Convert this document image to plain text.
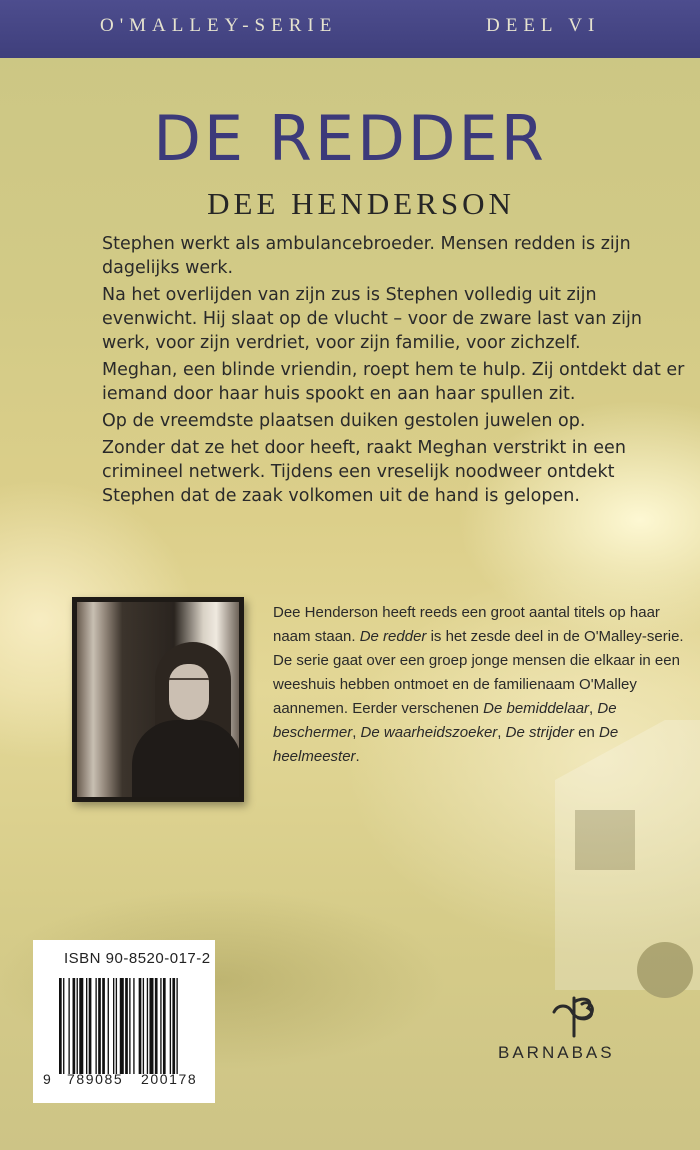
O'MALLEY-SERIE	DEEL VI
DE REDDER
DEE HENDERSON

Stephen werkt als ambulancebroeder. Mensen redden is zijn dagelijks werk.

Na het overlijden van zijn zus is Stephen volledig uit zijn evenwicht. Hij slaat op de vlucht – voor de zware last van zijn werk, voor zijn verdriet, voor zijn familie, voor zichzelf.

Meghan, een blinde vriendin, roept hem te hulp. Zij ontdekt dat er iemand door haar huis spookt en aan haar spullen zit.

Op de vreemdste plaatsen duiken gestolen juwelen op.

Zonder dat ze het door heeft, raakt Meghan verstrikt in een crimineel netwerk. Tijdens een vreselijk noodweer ontdekt Stephen dat de zaak volkomen uit de hand is gelopen.

Dee Henderson heeft reeds een groot aantal titels op haar naam staan. De redder is het zesde deel in de O'Malley-serie. De serie gaat over een groep jonge mensen die elkaar in een weeshuis hebben ontmoet en de familienaam O'Malley aannemen. Eerder verschenen De bemiddelaar, De beschermer, De waarheidszoeker, De strijder en De heelmeester.
ISBN 90-8520-017-2
9 789085 200178
BARNABAS
